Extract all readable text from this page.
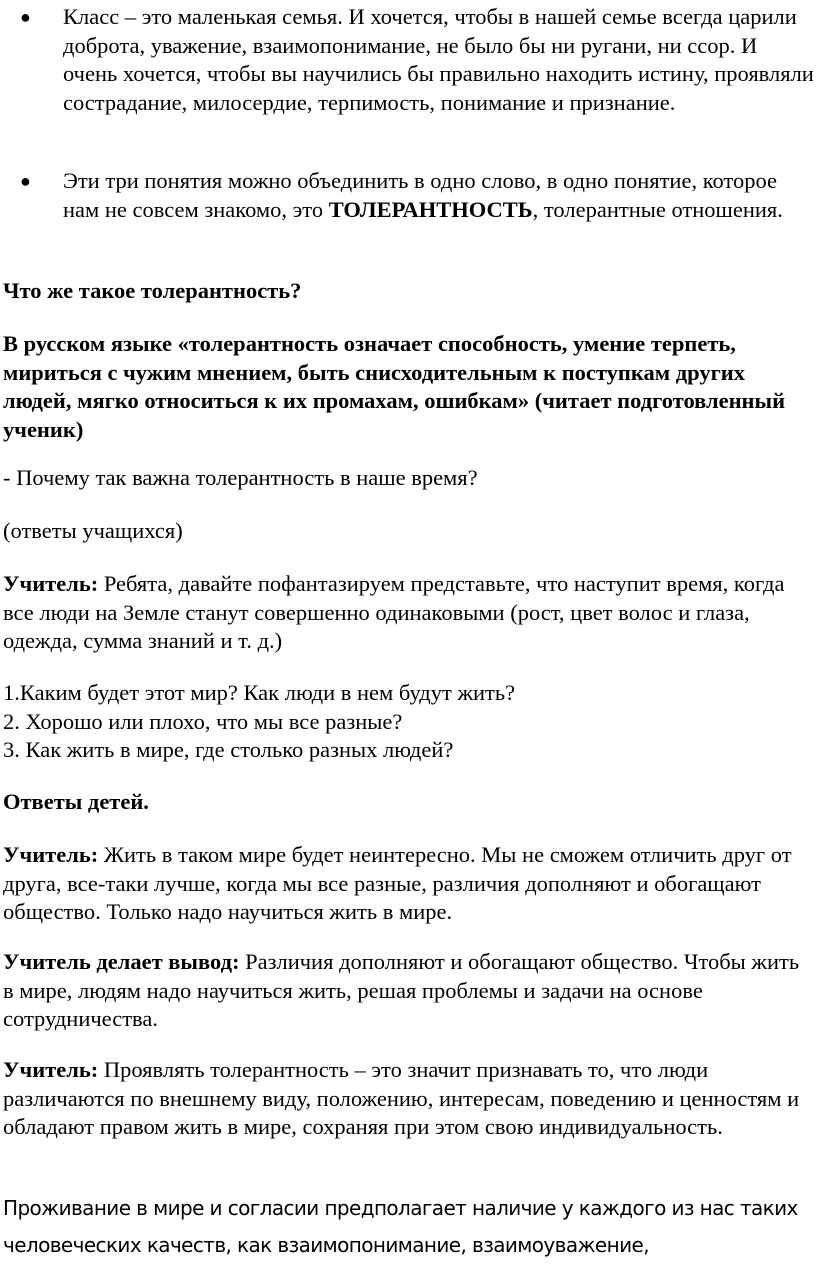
● Класс – это маленькая семья. И хочется, чтобы в нашей семье всегда царили доброта, уважение, взаимопонимание, не было бы ни ругани, ни ссор. И очень хочется, чтобы вы научились бы правильно находить истину, проявляли сострадание, милосердие, терпимость, понимание и признание.
● Эти три понятия можно объединить в одно слово, в одно понятие, которое нам не совсем знакомо, это ТОЛЕРАНТНОСТЬ, толерантные отношения.
Что же такое толерантность?
В русском языке «толерантность означает способность, умение терпеть, мириться с чужим мнением, быть снисходительным к поступкам других людей, мягко относиться к их промахам, ошибкам» (читает подготовленный ученик)
- Почему так важна толерантность в наше время?
(ответы учащихся)
Учитель: Ребята, давайте пофантазируем представьте, что наступит время, когда все люди на Земле станут совершенно одинаковыми (рост, цвет волос и глаза, одежда, сумма знаний и т. д.)
1.Каким будет этот мир? Как люди в нем будут жить?
2. Хорошо или плохо, что мы все разные?
3. Как жить в мире, где столько разных людей?
Ответы детей.
Учитель: Жить в таком мире будет неинтересно. Мы не сможем отличить друг от друга, все-таки лучше, когда мы все разные, различия дополняют и обогащают общество. Только надо научиться жить в мире.
Учитель делает вывод: Различия дополняют и обогащают общество. Чтобы жить в мире, людям надо научиться жить, решая проблемы и задачи на основе сотрудничества.
Учитель: Проявлять толерантность – это значит признавать то, что люди различаются по внешнему виду, положению, интересам, поведению и ценностям и обладают правом жить в мире, сохраняя при этом свою индивидуальность.
Проживание в мире и согласии предполагает наличие у каждого из нас таких человеческих качеств, как взаимопонимание, взаимоуважение,
